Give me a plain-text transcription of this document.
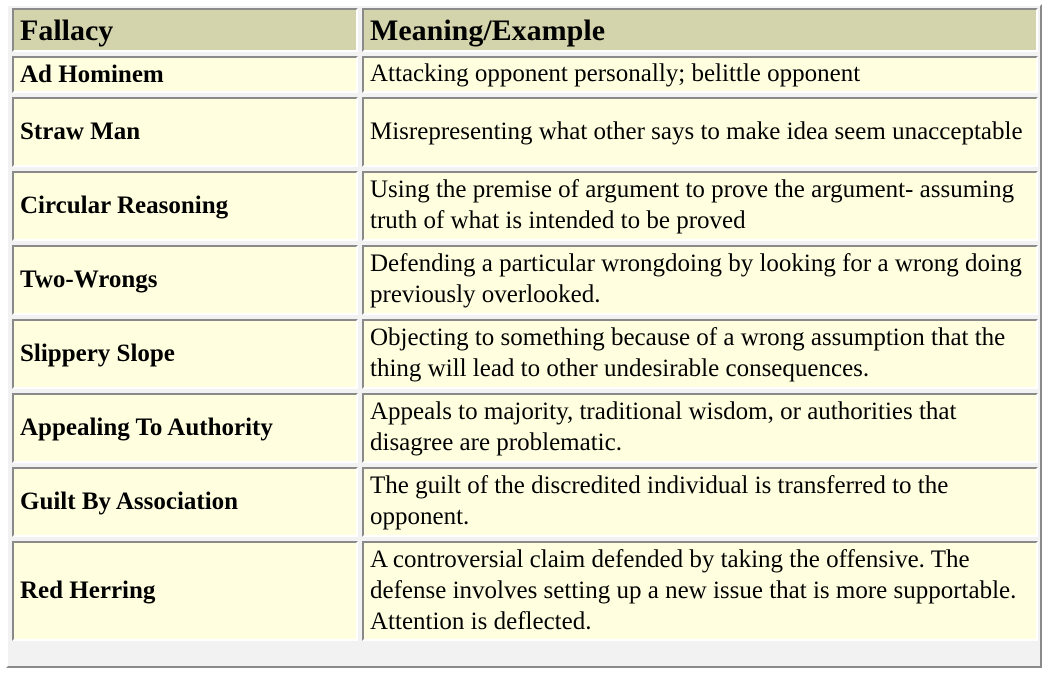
Fallacy	Meaning/Example
Ad Hominem	Attacking opponent personally; belittle opponent
Straw Man	Misrepresenting what other says to make idea seem unacceptable
Circular Reasoning	Using the premise of argument to prove the argument- assuming truth of what is intended to be proved
Two-Wrongs	Defending a particular wrongdoing by looking for a wrong doing previously overlooked.
Slippery Slope	Objecting to something because of a wrong assumption that the thing will lead to other undesirable consequences.
Appealing To Authority	Appeals to majority, traditional wisdom, or authorities that disagree are problematic.
Guilt By Association	The guilt of the discredited individual is transferred to the opponent.
Red Herring	A controversial claim defended by taking the offensive. The defense involves setting up a new issue that is more supportable. Attention is deflected.
